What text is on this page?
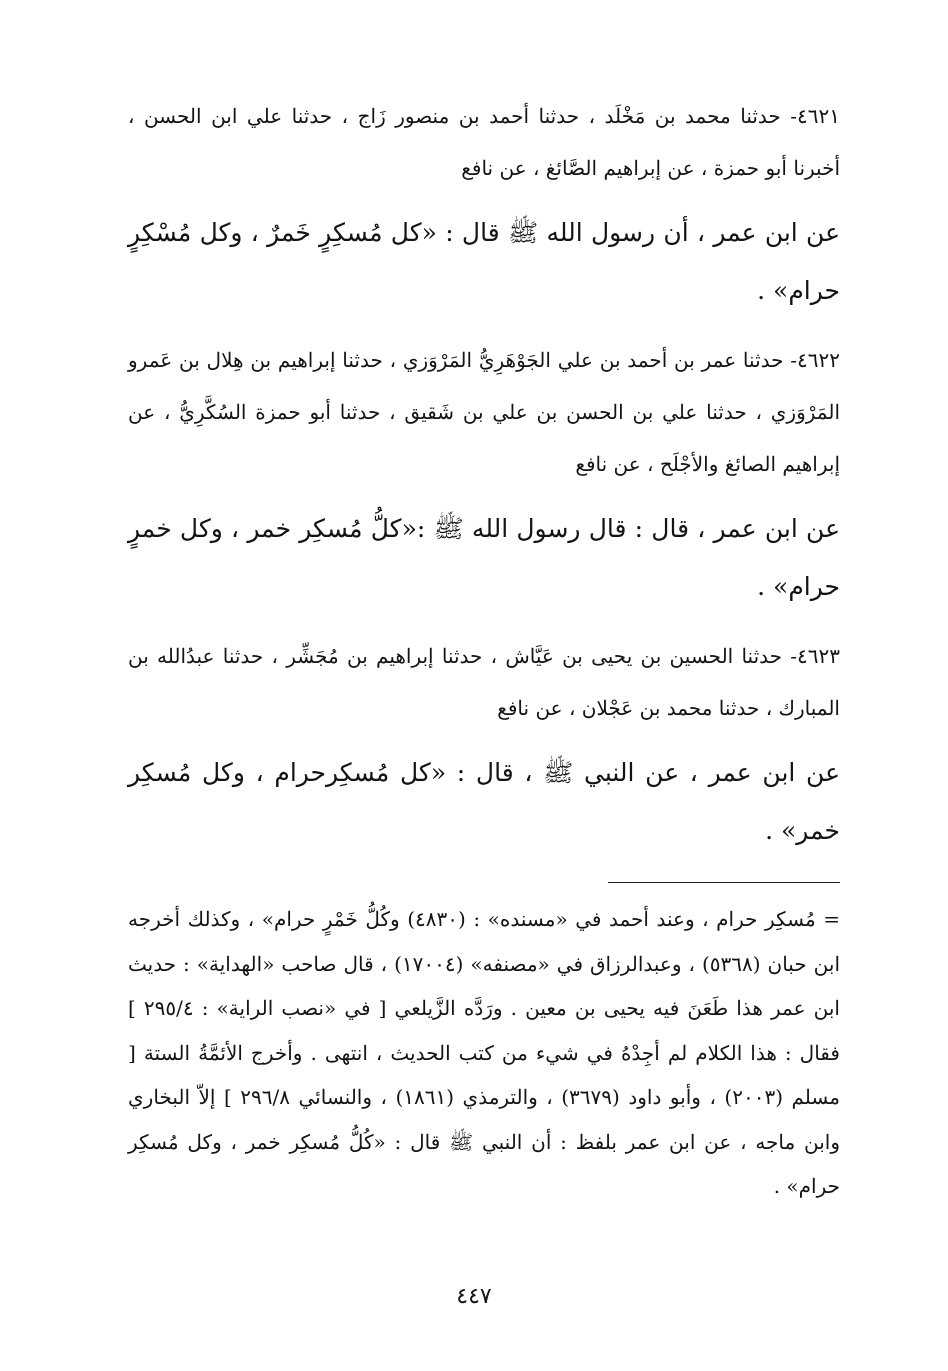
٤٦٢١- حدثنا محمد بن مَخْلَد ، حدثنا أحمد بن منصور زَاج ، حدثنا علي ابن الحسن ، أخبرنا أبو حمزة ، عن إبراهيم الصَّائغ ، عن نافع

عن ابن عمر ، أن رسول الله ﷺ قال : «كل مُسكِرٍ خَمرٌ ، وكل مُسْكِرٍ حرام» .

٤٦٢٢- حدثنا عمر بن أحمد بن علي الجَوْهَرِيُّ المَرْوَزي ، حدثنا إبراهيم بن هِلال بن عَمرو المَرْوَزي ، حدثنا علي بن الحسن بن علي بن شَقيق ، حدثنا أبو حمزة السُكَّرِيُّ ، عن إبراهيم الصائغ والأجْلَح ، عن نافع

عن ابن عمر ، قال : قال رسول الله ﷺ :«كلُّ مُسكِر خمر ، وكل خمرٍ حرام» .

٤٦٢٣- حدثنا الحسين بن يحيى بن عَيَّاش ، حدثنا إبراهيم بن مُجَشِّر ، حدثنا عبدُالله بن المبارك ، حدثنا محمد بن عَجْلان ، عن نافع

عن ابن عمر ، عن النبي ﷺ ، قال : «كل مُسكِرحرام ، وكل مُسكِر خمر» .

= مُسكِر حرام ، وعند أحمد في «مسنده» : (٤٨٣٠) وكُلُّ خَمْرٍ حرام» ، وكذلك أخرجه ابن حبان (٥٣٦٨) ، وعبدالرزاق في «مصنفه» (١٧٠٠٤) ، قال صاحب «الهداية» : حديث ابن عمر هذا طَعَنَ فيه يحيى بن معين . ورَدَّه الزَّيلعي [ في «نصب الراية» : ٢٩٥/٤ ] فقال : هذا الكلام لم أجِدْهُ في شيء من كتب الحديث ، انتهى . وأخرج الأئمَّةُ الستة [ مسلم (٢٠٠٣) ، وأبو داود (٣٦٧٩) ، والترمذي (١٨٦١) ، والنسائي ٢٩٦/٨ ] إلاّ البخاري وابن ماجه ، عن ابن عمر بلفظ : أن النبي ﷺ قال : «كُلُّ مُسكِر خمر ، وكل مُسكِر حرام» .

٤٤٧
